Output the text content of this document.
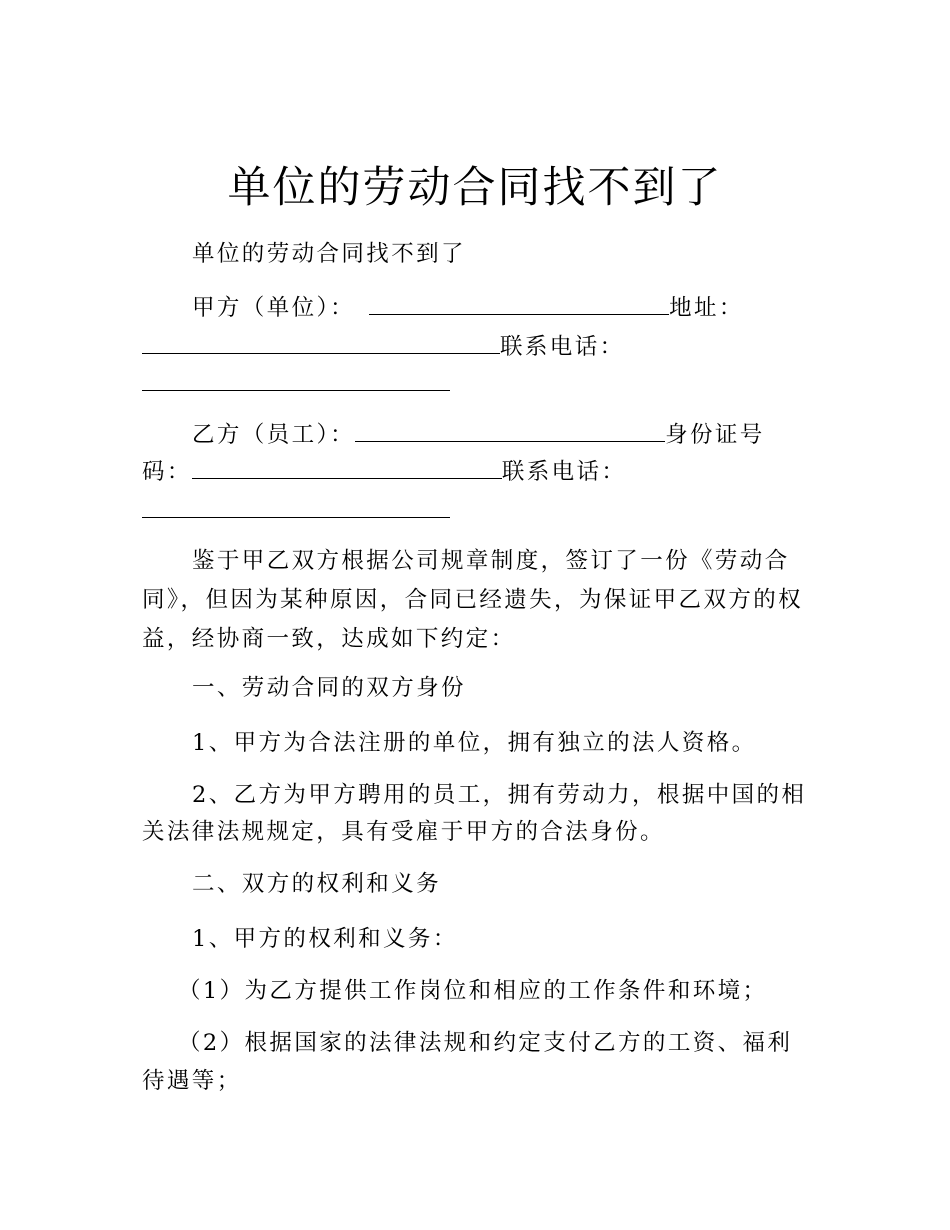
单位的劳动合同找不到了
单位的劳动合同找不到了
甲方（单位）：	地址：
联系电话：
乙方（员工）：	身份证号
码：	联系电话：
鉴于甲乙双方根据公司规章制度，签订了一份《劳动合
同》，但因为某种原因，合同已经遗失，为保证甲乙双方的权
益，经协商一致，达成如下约定：
一、劳动合同的双方身份
1、甲方为合法注册的单位，拥有独立的法人资格。
2、乙方为甲方聘用的员工，拥有劳动力，根据中国的相
关法律法规规定，具有受雇于甲方的合法身份。
二、双方的权利和义务
1、甲方的权利和义务：
（1）为乙方提供工作岗位和相应的工作条件和环境；
（2）根据国家的法律法规和约定支付乙方的工资、福利
待遇等；
